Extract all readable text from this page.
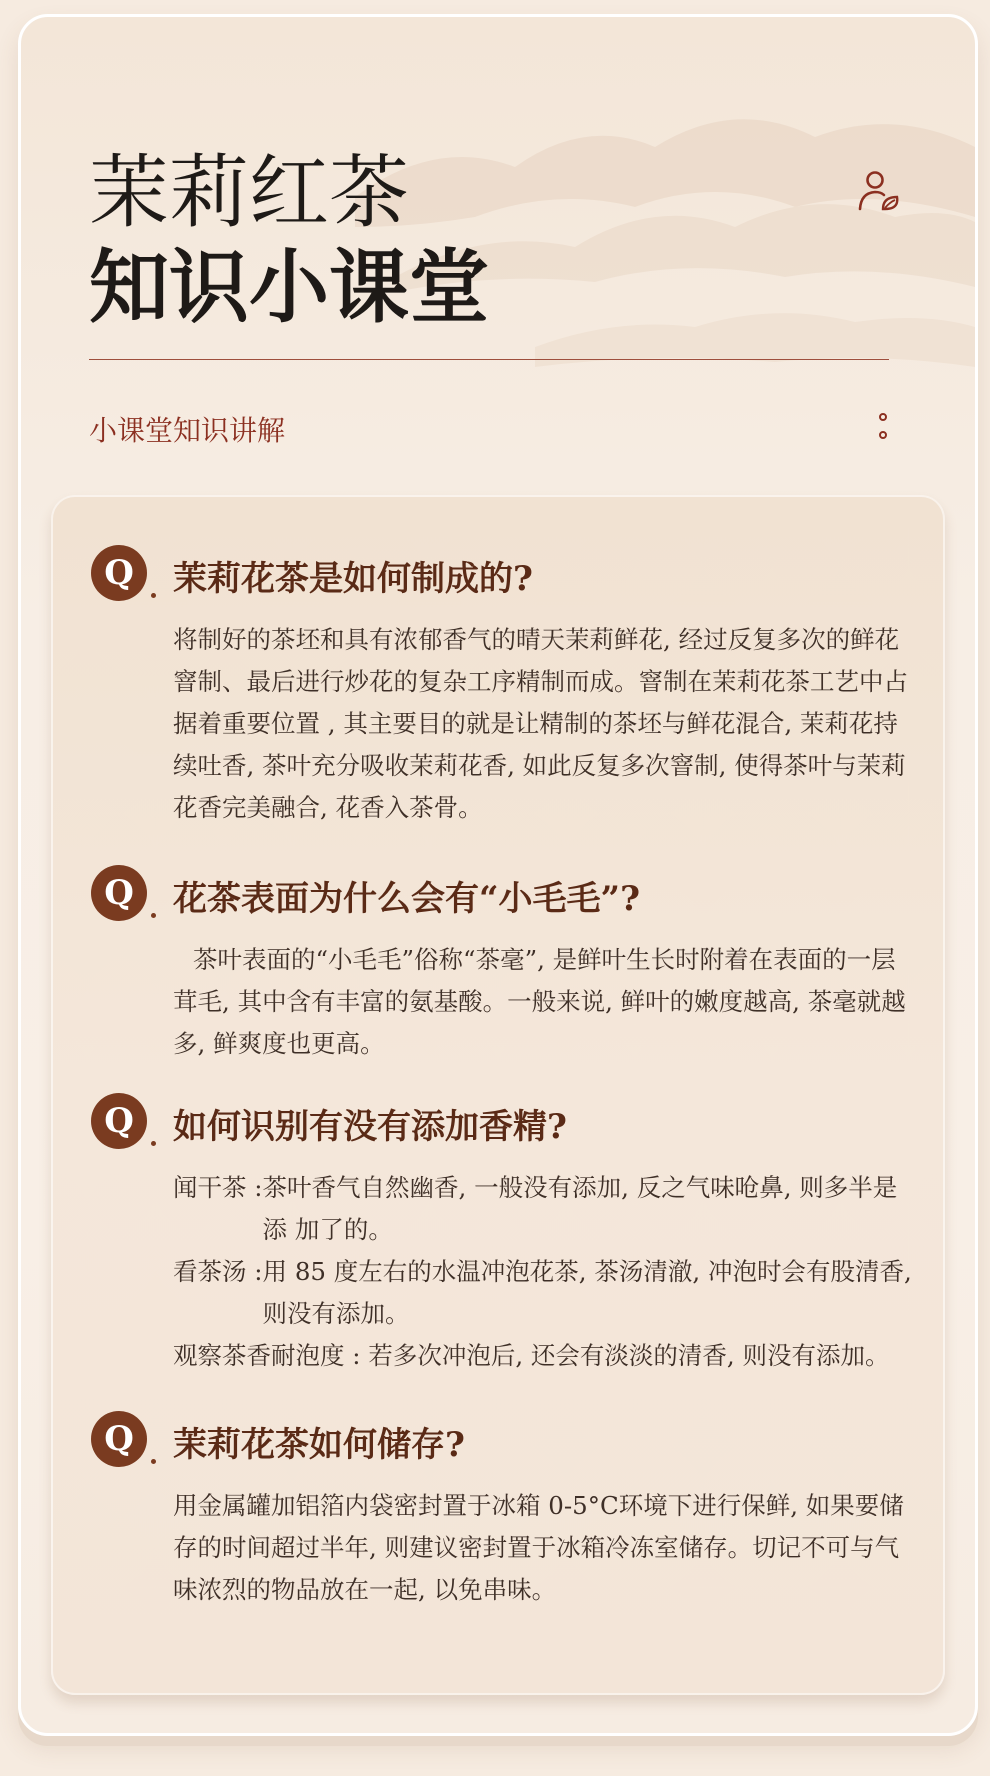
茉莉红茶
知识小课堂
小课堂知识讲解
Q	茉莉花茶是如何制成的?

将制好的茶坯和具有浓郁香气的晴天茉莉鲜花, 经过反复多次的鲜花窨制、最后进行炒花的复杂工序精制而成。窨制在茉莉花茶工艺中占据着重要位置 , 其主要目的就是让精制的茶坯与鲜花混合, 茉莉花持续吐香, 茶叶充分吸收茉莉花香, 如此反复多次窨制, 使得茶叶与茉莉花香完美融合, 花香入茶骨。

Q	花茶表面为什么会有“小毛毛”?

茶叶表面的“小毛毛”俗称“茶毫”, 是鲜叶生长时附着在表面的一层茸毛, 其中含有丰富的氨基酸。一般来说, 鲜叶的嫩度越高, 茶毫就越多, 鲜爽度也更高。

Q	如何识别有没有添加香精?
闻干茶 : 茶叶香气自然幽香, 一般没有添加, 反之气味呛鼻, 则多半是添 加了的。
看茶汤 : 用 85 度左右的水温冲泡花茶, 茶汤清澈, 冲泡时会有股清香, 则没有添加。
观察茶香耐泡度 : 若多次冲泡后, 还会有淡淡的清香, 则没有添加。
Q	茉莉花茶如何储存?

用金属罐加铝箔内袋密封置于冰箱 0-5°C环境下进行保鲜, 如果要储存的时间超过半年, 则建议密封置于冰箱冷冻室储存。切记不可与气味浓烈的物品放在一起, 以免串味。
